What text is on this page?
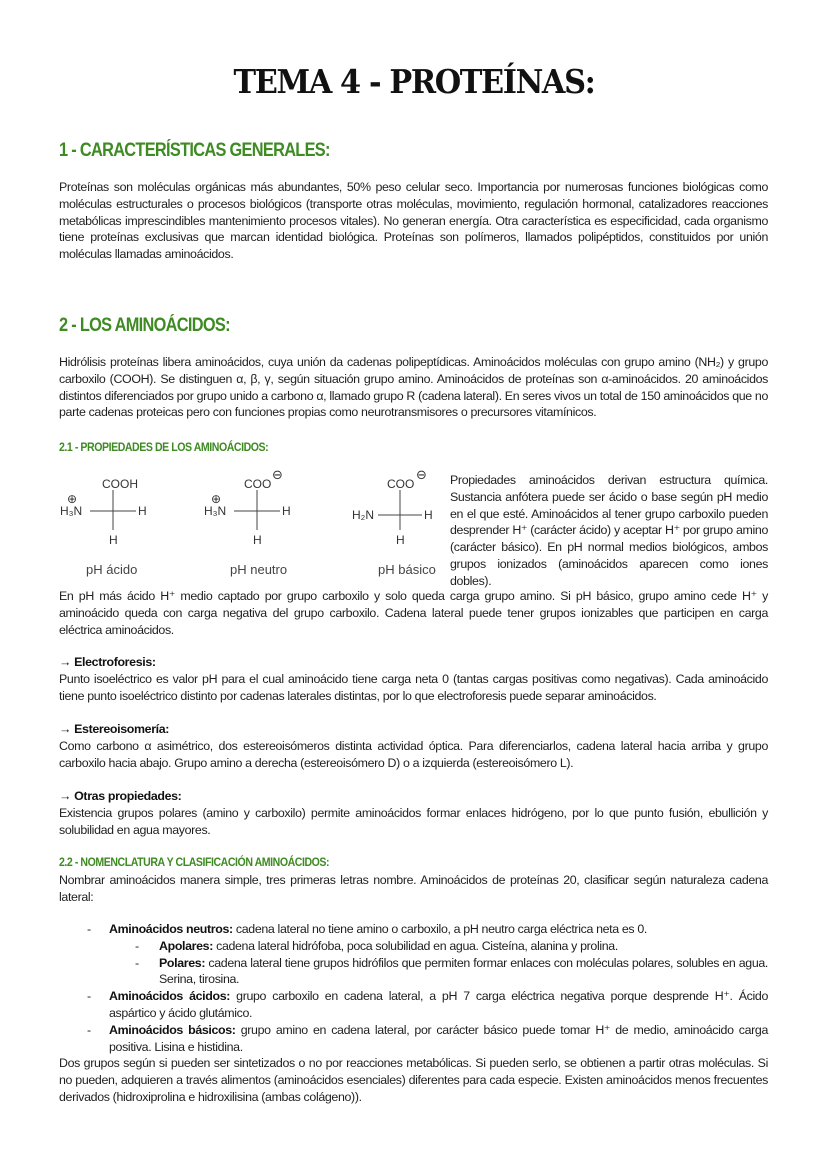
TEMA 4 - PROTEÍNAS:
1 - CARACTERÍSTICAS GENERALES:
Proteínas son moléculas orgánicas más abundantes, 50% peso celular seco. Importancia por numerosas funciones biológicas como moléculas estructurales o procesos biológicos (transporte otras moléculas, movimiento, regulación hormonal, catalizadores reacciones metabólicas imprescindibles mantenimiento procesos vitales). No generan energía. Otra característica es especificidad, cada organismo tiene proteínas exclusivas que marcan identidad biológica. Proteínas son polímeros, llamados polipéptidos, constituidos por unión moléculas llamadas aminoácidos.
2 - LOS AMINOÁCIDOS:
Hidrólisis proteínas libera aminoácidos, cuya unión da cadenas polipeptídicas. Aminoácidos moléculas con grupo amino (NH₂) y grupo carboxilo (COOH). Se distinguen α, β, γ, según situación grupo amino. Aminoácidos de proteínas son α-aminoácidos. 20 aminoácidos distintos diferenciados por grupo unido a carbono α, llamado grupo R (cadena lateral). En seres vivos un total de 150 aminoácidos que no parte cadenas proteicas pero con funciones propias como neurotransmisores o precursores vitamínicos.
2.1 - PROPIEDADES DE LOS AMINOÁCIDOS:
COOH
H₃N	H
H
⊕
pH ácido
COO
⊖
H₃N	H
H
⊕
pH neutro
COO
⊖
H₂N	H
H
pH básico
Propiedades aminoácidos derivan estructura química. Sustancia anfótera puede ser ácido o base según pH medio en el que esté. Aminoácidos al tener grupo carboxilo pueden desprender H⁺ (carácter ácido) y aceptar H⁺ por grupo amino (carácter básico). En pH normal medios biológicos, ambos grupos ionizados (aminoácidos aparecen como iones dobles).
En pH más ácido H⁺ medio captado por grupo carboxilo y solo queda carga grupo amino. Si pH básico, grupo amino cede H⁺ y aminoácido queda con carga negativa del grupo carboxilo. Cadena lateral puede tener grupos ionizables que participen en carga eléctrica aminoácidos.
→ Electroforesis:
Punto isoeléctrico es valor pH para el cual aminoácido tiene carga neta 0 (tantas cargas positivas como negativas). Cada aminoácido tiene punto isoeléctrico distinto por cadenas laterales distintas, por lo que electroforesis puede separar aminoácidos.
→ Estereoisomería:
Como carbono α asimétrico, dos estereoisómeros distinta actividad óptica. Para diferenciarlos, cadena lateral hacia arriba y grupo carboxilo hacia abajo. Grupo amino a derecha (estereoisómero D) o a izquierda (estereoisómero L).
→ Otras propiedades:
Existencia grupos polares (amino y carboxilo) permite aminoácidos formar enlaces hidrógeno, por lo que punto fusión, ebullición y solubilidad en agua mayores.
2.2 - NOMENCLATURA Y CLASIFICACIÓN AMINOÁCIDOS:
Nombrar aminoácidos manera simple, tres primeras letras nombre. Aminoácidos de proteínas 20, clasificar según naturaleza cadena lateral:
- Aminoácidos neutros: cadena lateral no tiene amino o carboxilo, a pH neutro carga eléctrica neta es 0.
- Apolares: cadena lateral hidrófoba, poca solubilidad en agua. Cisteína, alanina y prolina.
- Polares: cadena lateral tiene grupos hidrófilos que permiten formar enlaces con moléculas polares, solubles en agua. Serina, tirosina.
- Aminoácidos ácidos: grupo carboxilo en cadena lateral, a pH 7 carga eléctrica negativa porque desprende H⁺. Ácido aspártico y ácido glutámico.
- Aminoácidos básicos: grupo amino en cadena lateral, por carácter básico puede tomar H⁺ de medio, aminoácido carga positiva. Lisina e histidina.
Dos grupos según si pueden ser sintetizados o no por reacciones metabólicas. Si pueden serlo, se obtienen a partir otras moléculas. Si no pueden, adquieren a través alimentos (aminoácidos esenciales) diferentes para cada especie. Existen aminoácidos menos frecuentes derivados (hidroxiprolina e hidroxilisina (ambas colágeno)).
